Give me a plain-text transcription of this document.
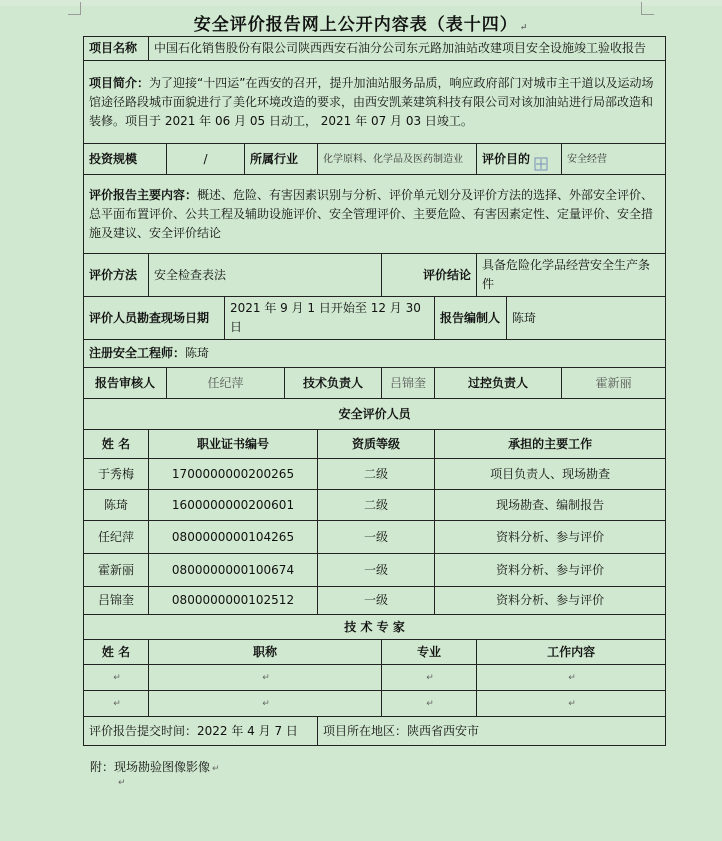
安全评价报告网上公开内容表（表十四） ↵
项目名称	中国石化销售股份有限公司陕西西安石油分公司东元路加油站改建项目安全设施竣工验收报告										
项目简介：为了迎接“十四运”在西安的召开，提升加油站服务品质，响应政府部门对城市主干道以及运动场馆途径路段城市面貌进行了美化环境改造的要求，由西安凯莱建筑科技有限公司对该加油站进行局部改造和装修。项目于 2021 年 06 月 05 日动工， 2021 年 07 月 03 日竣工。											
投资规模		/		所属行业		化学原料、化学品及医药制造业			评价目的		安全经营
评价报告主要内容：概述、危险、有害因素识别与分析、评价单元划分及评价方法的选择、外部安全评价、总平面布置评价、公共工程及辅助设施评价、安全管理评价、主要危险、有害因素定性、定量评价、安全措施及建议、安全评价结论											
评价方法	安全检查表法						评价结论		具备危险化学品经营安全生产条件		
评价人员勘查现场日期			2021 年 9 月 1 日开始至 12 月 30 日					报告编制人		陈琦	
注册安全工程师：陈琦											
报告审核人		任纪萍			技术负责人		吕锦奎	过控负责人			霍新丽
安全评价人员											
姓 名	职业证书编号					资质等级		承担的主要工作			
于秀梅	1700000000200265					二级		项目负责人、现场勘查			
陈琦	1600000000200601					二级		现场勘查、编制报告			
任纪萍	0800000000104265					一级		资料分析、参与评价			
霍新丽	0800000000100674					一级		资料分析、参与评价			
吕锦奎	0800000000102512					一级		资料分析、参与评价			
技 术 专 家											
姓 名	职称						专业		工作内容		
↵	↵						↵		↵		
↵	↵						↵		↵		
评价报告提交时间：2022 年 4 月 7 日						项目所在地区：陕西省西安市					
附：现场勘验图像影像 ↵
↵
